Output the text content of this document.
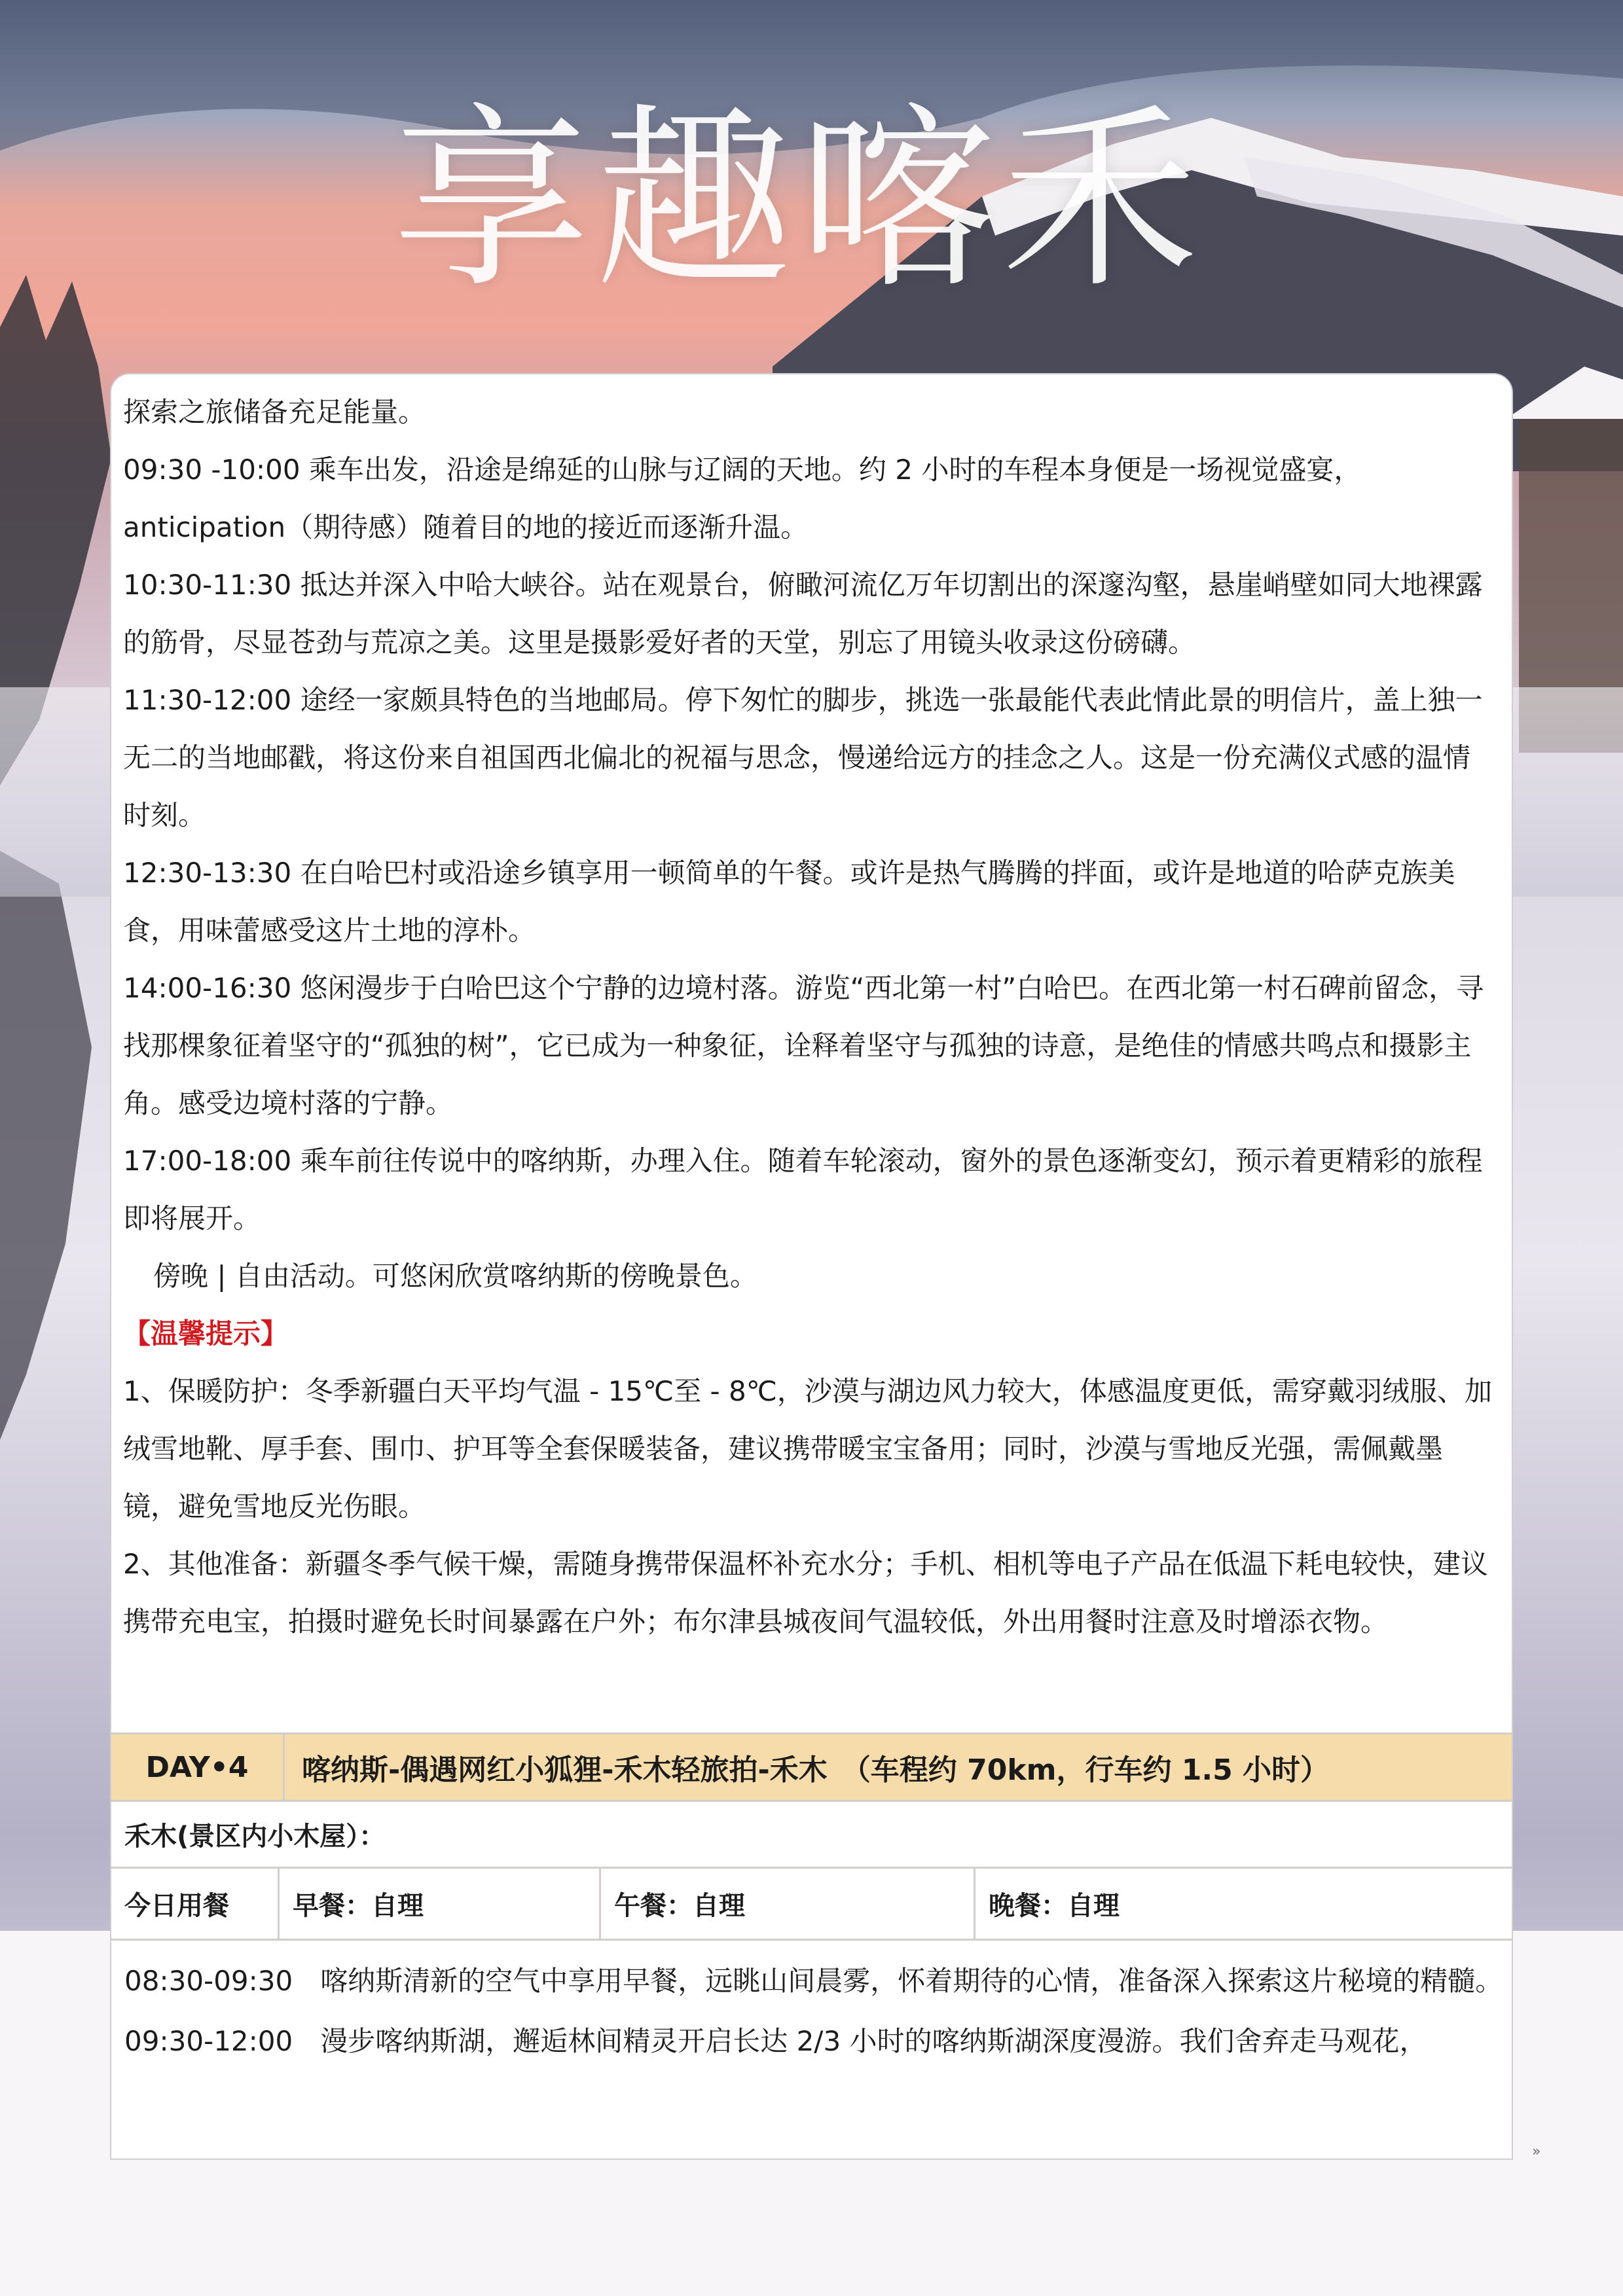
享趣喀禾

探索之旅储备充足能量。

09:30 -10:00 乘车出发，沿途是绵延的山脉与辽阔的天地。约 2 小时的车程本身便是一场视觉盛宴，anticipation（期待感）随着目的地的接近而逐渐升温。

10:30-11:30 抵达并深入中哈大峡谷。站在观景台，俯瞰河流亿万年切割出的深邃沟壑，悬崖峭壁如同大地裸露的筋骨，尽显苍劲与荒凉之美。这里是摄影爱好者的天堂，别忘了用镜头收录这份磅礴。

11:30-12:00 途经一家颇具特色的当地邮局。停下匆忙的脚步，挑选一张最能代表此情此景的明信片，盖上独一无二的当地邮戳，将这份来自祖国西北偏北的祝福与思念，慢递给远方的挂念之人。这是一份充满仪式感的温情时刻。

12:30-13:30 在白哈巴村或沿途乡镇享用一顿简单的午餐。或许是热气腾腾的拌面，或许是地道的哈萨克族美食，用味蕾感受这片土地的淳朴。

14:00-16:30 悠闲漫步于白哈巴这个宁静的边境村落。游览“西北第一村”白哈巴。在西北第一村石碑前留念，寻找那棵象征着坚守的“孤独的树”，它已成为一种象征，诠释着坚守与孤独的诗意，是绝佳的情感共鸣点和摄影主角。感受边境村落的宁静。

17:00-18:00 乘车前往传说中的喀纳斯，办理入住。随着车轮滚动，窗外的景色逐渐变幻，预示着更精彩的旅程即将展开。

傍晚 | 自由活动。可悠闲欣赏喀纳斯的傍晚景色。

【温馨提示】

1、保暖防护：冬季新疆白天平均气温 - 15℃至 - 8℃，沙漠与湖边风力较大，体感温度更低，需穿戴羽绒服、加绒雪地靴、厚手套、围巾、护耳等全套保暖装备，建议携带暖宝宝备用；同时，沙漠与雪地反光强，需佩戴墨镜，避免雪地反光伤眼。

2、其他准备：新疆冬季气候干燥，需随身携带保温杯补充水分；手机、相机等电子产品在低温下耗电较快，建议携带充电宝，拍摄时避免长时间暴露在户外；布尔津县城夜间气温较低，外出用餐时注意及时增添衣物。

DAY•4	喀纳斯-偶遇网红小狐狸-禾木轻旅拍-禾木　（车程约 70km，行车约 1.5 小时）
禾木(景区内小木屋）：
今日用餐	早餐：自理	午餐：自理	晚餐：自理

08:30-09:30　喀纳斯清新的空气中享用早餐，远眺山间晨雾，怀着期待的心情，准备深入探索这片秘境的精髓。

09:30-12:00　漫步喀纳斯湖，邂逅林间精灵开启长达 2/3 小时的喀纳斯湖深度漫游。我们舍弃走马观花，

»
